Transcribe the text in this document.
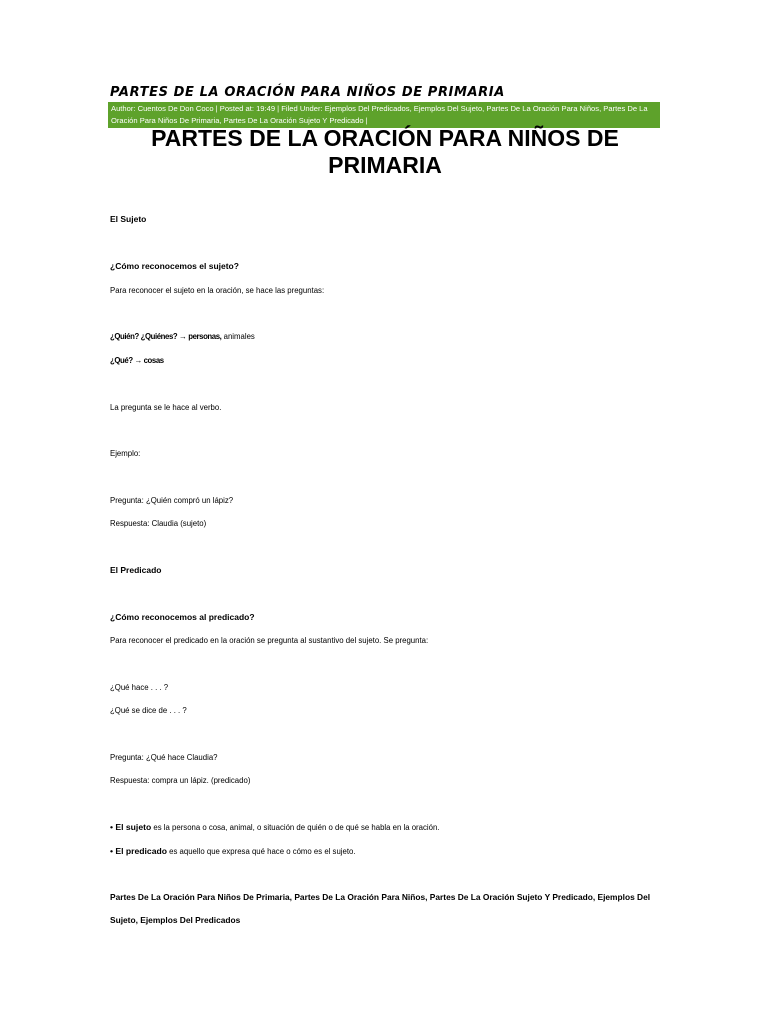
PARTES DE LA ORACIÓN PARA NIÑOS DE PRIMARIA
Author: Cuentos De Don Coco | Posted at: 19:49 | Filed Under: Ejemplos Del Predicados, Ejemplos Del Sujeto, Partes De La Oración Para Niños, Partes De La Oración Para Niños De Primaria, Partes De La Oración Sujeto Y Predicado |
PARTES DE LA ORACIÓN PARA NIÑOS DE PRIMARIA
El Sujeto
¿Cómo reconocemos el sujeto?
Para reconocer el sujeto en la oración, se hace las preguntas:
¿Quién? ¿Quiénes? → personas, animales
¿Qué? → cosas
La pregunta se le hace al verbo.
Ejemplo:
Pregunta: ¿Quién compró un lápiz?
Respuesta: Claudia (sujeto)
El Predicado
¿Cómo reconocemos al predicado?
Para reconocer el predicado en la oración se pregunta al sustantivo del sujeto. Se pregunta:
¿Qué hace . . . ?
¿Qué se dice de . . . ?
Pregunta: ¿Qué hace Claudia?
Respuesta: compra un lápiz. (predicado)
• El sujeto es la persona o cosa, animal, o situación de quién o de qué se habla en la oración.
• El predicado es aquello que expresa qué hace o cómo es el sujeto.
Partes De La Oración Para Niños De Primaria, Partes De La Oración Para Niños, Partes De La Oración Sujeto Y Predicado, Ejemplos Del
Sujeto, Ejemplos Del Predicados
